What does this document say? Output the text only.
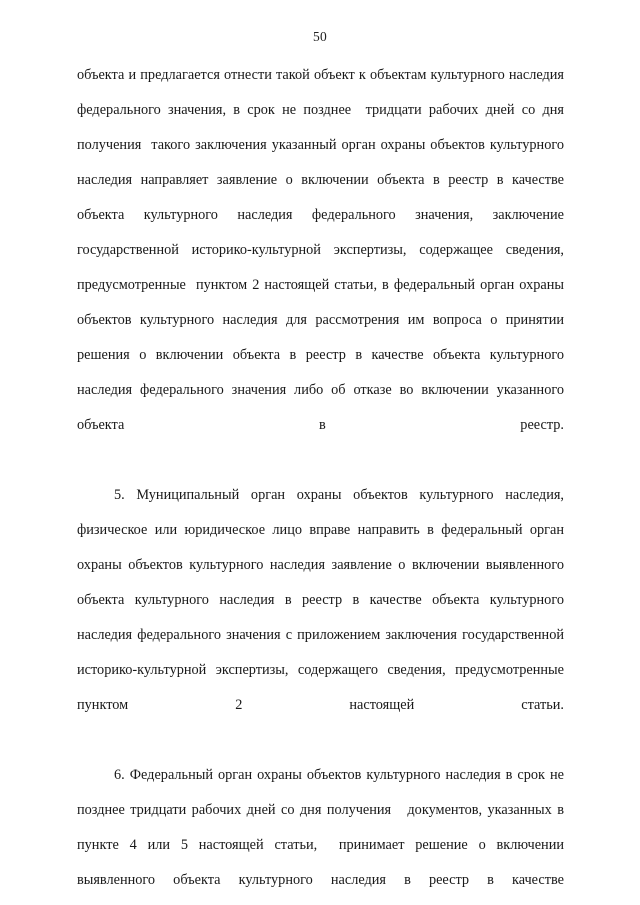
50

объекта и предлагается отнести такой объект к объектам культурного наследия федерального значения, в срок не позднее  тридцати рабочих дней со дня получения  такого заключения указанный орган охраны объектов культурного наследия направляет заявление о включении объекта в реестр в качестве объекта культурного наследия федерального значения, заключение государственной историко-культурной экспертизы, содержащее сведения, предусмотренные  пунктом 2 настоящей статьи, в федеральный орган охраны объектов культурного наследия для рассмотрения им вопроса о принятии решения о включении объекта в реестр в качестве объекта культурного наследия федерального значения либо об отказе во включении указанного объекта в реестр.

5. Муниципальный орган охраны объектов культурного наследия, физическое или юридическое лицо вправе направить в федеральный орган охраны объектов культурного наследия заявление о включении выявленного объекта культурного наследия в реестр в качестве объекта культурного наследия федерального значения с приложением заключения государственной историко-культурной экспертизы, содержащего сведения, предусмотренные пунктом 2 настоящей статьи.

6. Федеральный орган охраны объектов культурного наследия в срок не позднее тридцати рабочих дней со дня получения   документов, указанных в пункте 4 или 5 настоящей статьи,  принимает решение о включении выявленного объекта культурного наследия в реестр в качестве
